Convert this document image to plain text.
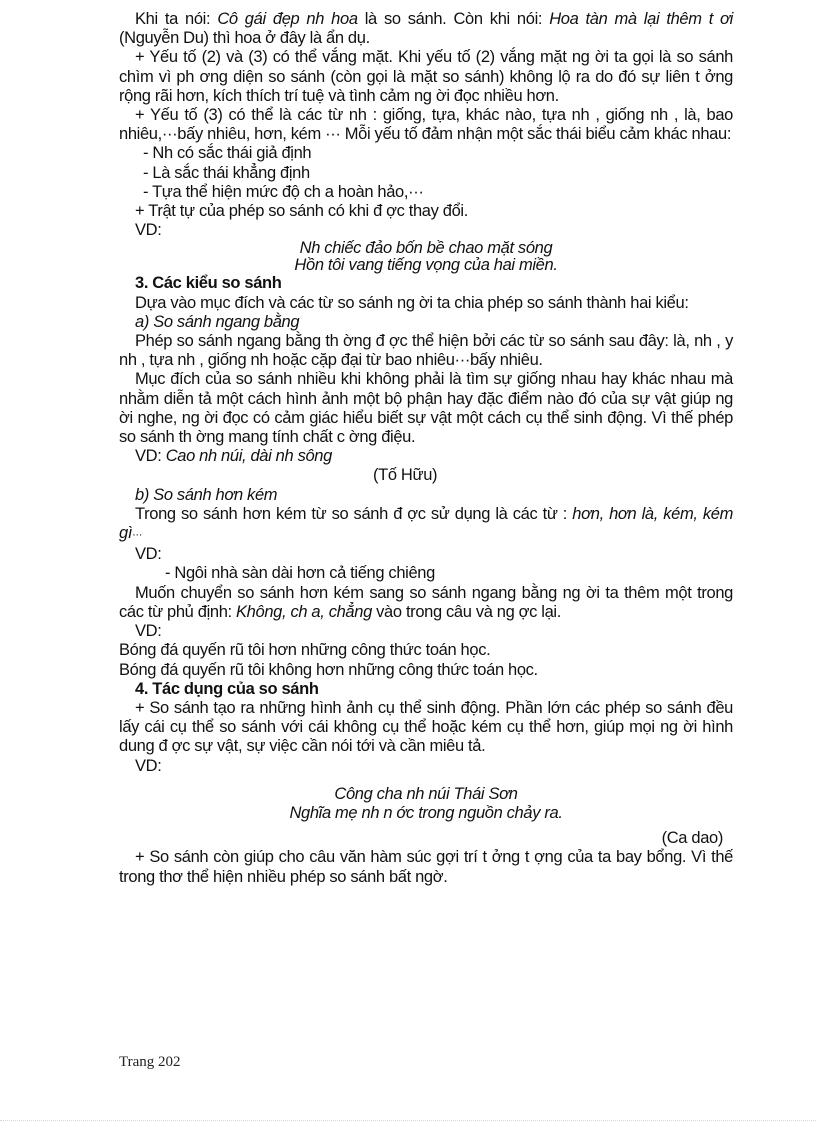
Khi ta nói: Cô gái đẹp nh hoa là so sánh. Còn khi nói: Hoa tàn mà lại thêm t ơi (Nguyễn Du) thì hoa ở đây là ẩn dụ.

+ Yếu tố (2) và (3) có thể vắng mặt. Khi yếu tố (2) vắng mặt ng ời ta gọi là so sánh chìm vì ph ơng diện so sánh (còn gọi là mặt so sánh) không lộ ra do đó sự liên t ởng rộng rãi hơn, kích thích trí tuệ và tình cảm ng ời đọc nhiều hơn.

+ Yếu tố (3) có thể là các từ nh : giống, tựa, khác nào, tựa nh , giống nh , là, bao nhiêu,···bấy nhiêu, hơn, kém ··· Mỗi yếu tố đảm nhận một sắc thái biểu cảm khác nhau:

- Nh có sắc thái giả định

- Là sắc thái khẳng định

- Tựa thể hiện mức độ ch a hoàn hảo,···

+ Trật tự của phép so sánh có khi đ ợc thay đổi.

VD:

Nh chiếc đảo bốn bề chao mặt sóng

Hồn tôi vang tiếng vọng của hai miền.

3. Các kiểu so sánh

Dựa vào mục đích và các từ so sánh ng ời ta chia phép so sánh thành hai kiểu:

a) So sánh ngang bằng

Phép so sánh ngang bằng th ờng đ ợc thể hiện bởi các từ so sánh sau đây: là, nh , y nh , tựa nh , giống nh hoặc cặp đại từ bao nhiêu···bấy nhiêu.

Mục đích của so sánh nhiều khi không phải là tìm sự giống nhau hay khác nhau mà nhằm diễn tả một cách hình ảnh một bộ phận hay đặc điểm nào đó của sự vật giúp ng ời nghe, ng ời đọc có cảm giác hiểu biết sự vật một cách cụ thể sinh động. Vì thế phép so sánh th ờng mang tính chất c ờng điệu.

VD: Cao nh núi, dài nh sông

(Tố Hữu)

b) So sánh hơn kém

Trong so sánh hơn kém từ so sánh đ ợc sử dụng là các từ : hơn, hơn là, kém, kém gì···

VD:

- Ngôi nhà sàn dài hơn cả tiếng chiêng

Muốn chuyển so sánh hơn kém sang so sánh ngang bằng ng ời ta thêm một trong các từ phủ định: Không, ch a, chẳng vào trong câu và ng ợc lại.

VD:

Bóng đá quyến rũ tôi hơn những công thức toán học.

Bóng đá quyến rũ tôi không hơn những công thức toán học.

4. Tác dụng của so sánh

+ So sánh tạo ra những hình ảnh cụ thể sinh động. Phần lớn các phép so sánh đều lấy cái cụ thể so sánh với cái không cụ thể hoặc kém cụ thể hơn, giúp mọi ng ời hình dung đ ợc sự vật, sự việc cần nói tới và cần miêu tả.

VD:

Công cha nh núi Thái Sơn

Nghĩa mẹ nh n ớc trong nguồn chảy ra.

(Ca dao)

+ So sánh còn giúp cho câu văn hàm súc gợi trí t ởng t ợng của ta bay bổng. Vì thế trong thơ thể hiện nhiều phép so sánh bất ngờ.

Trang 202
